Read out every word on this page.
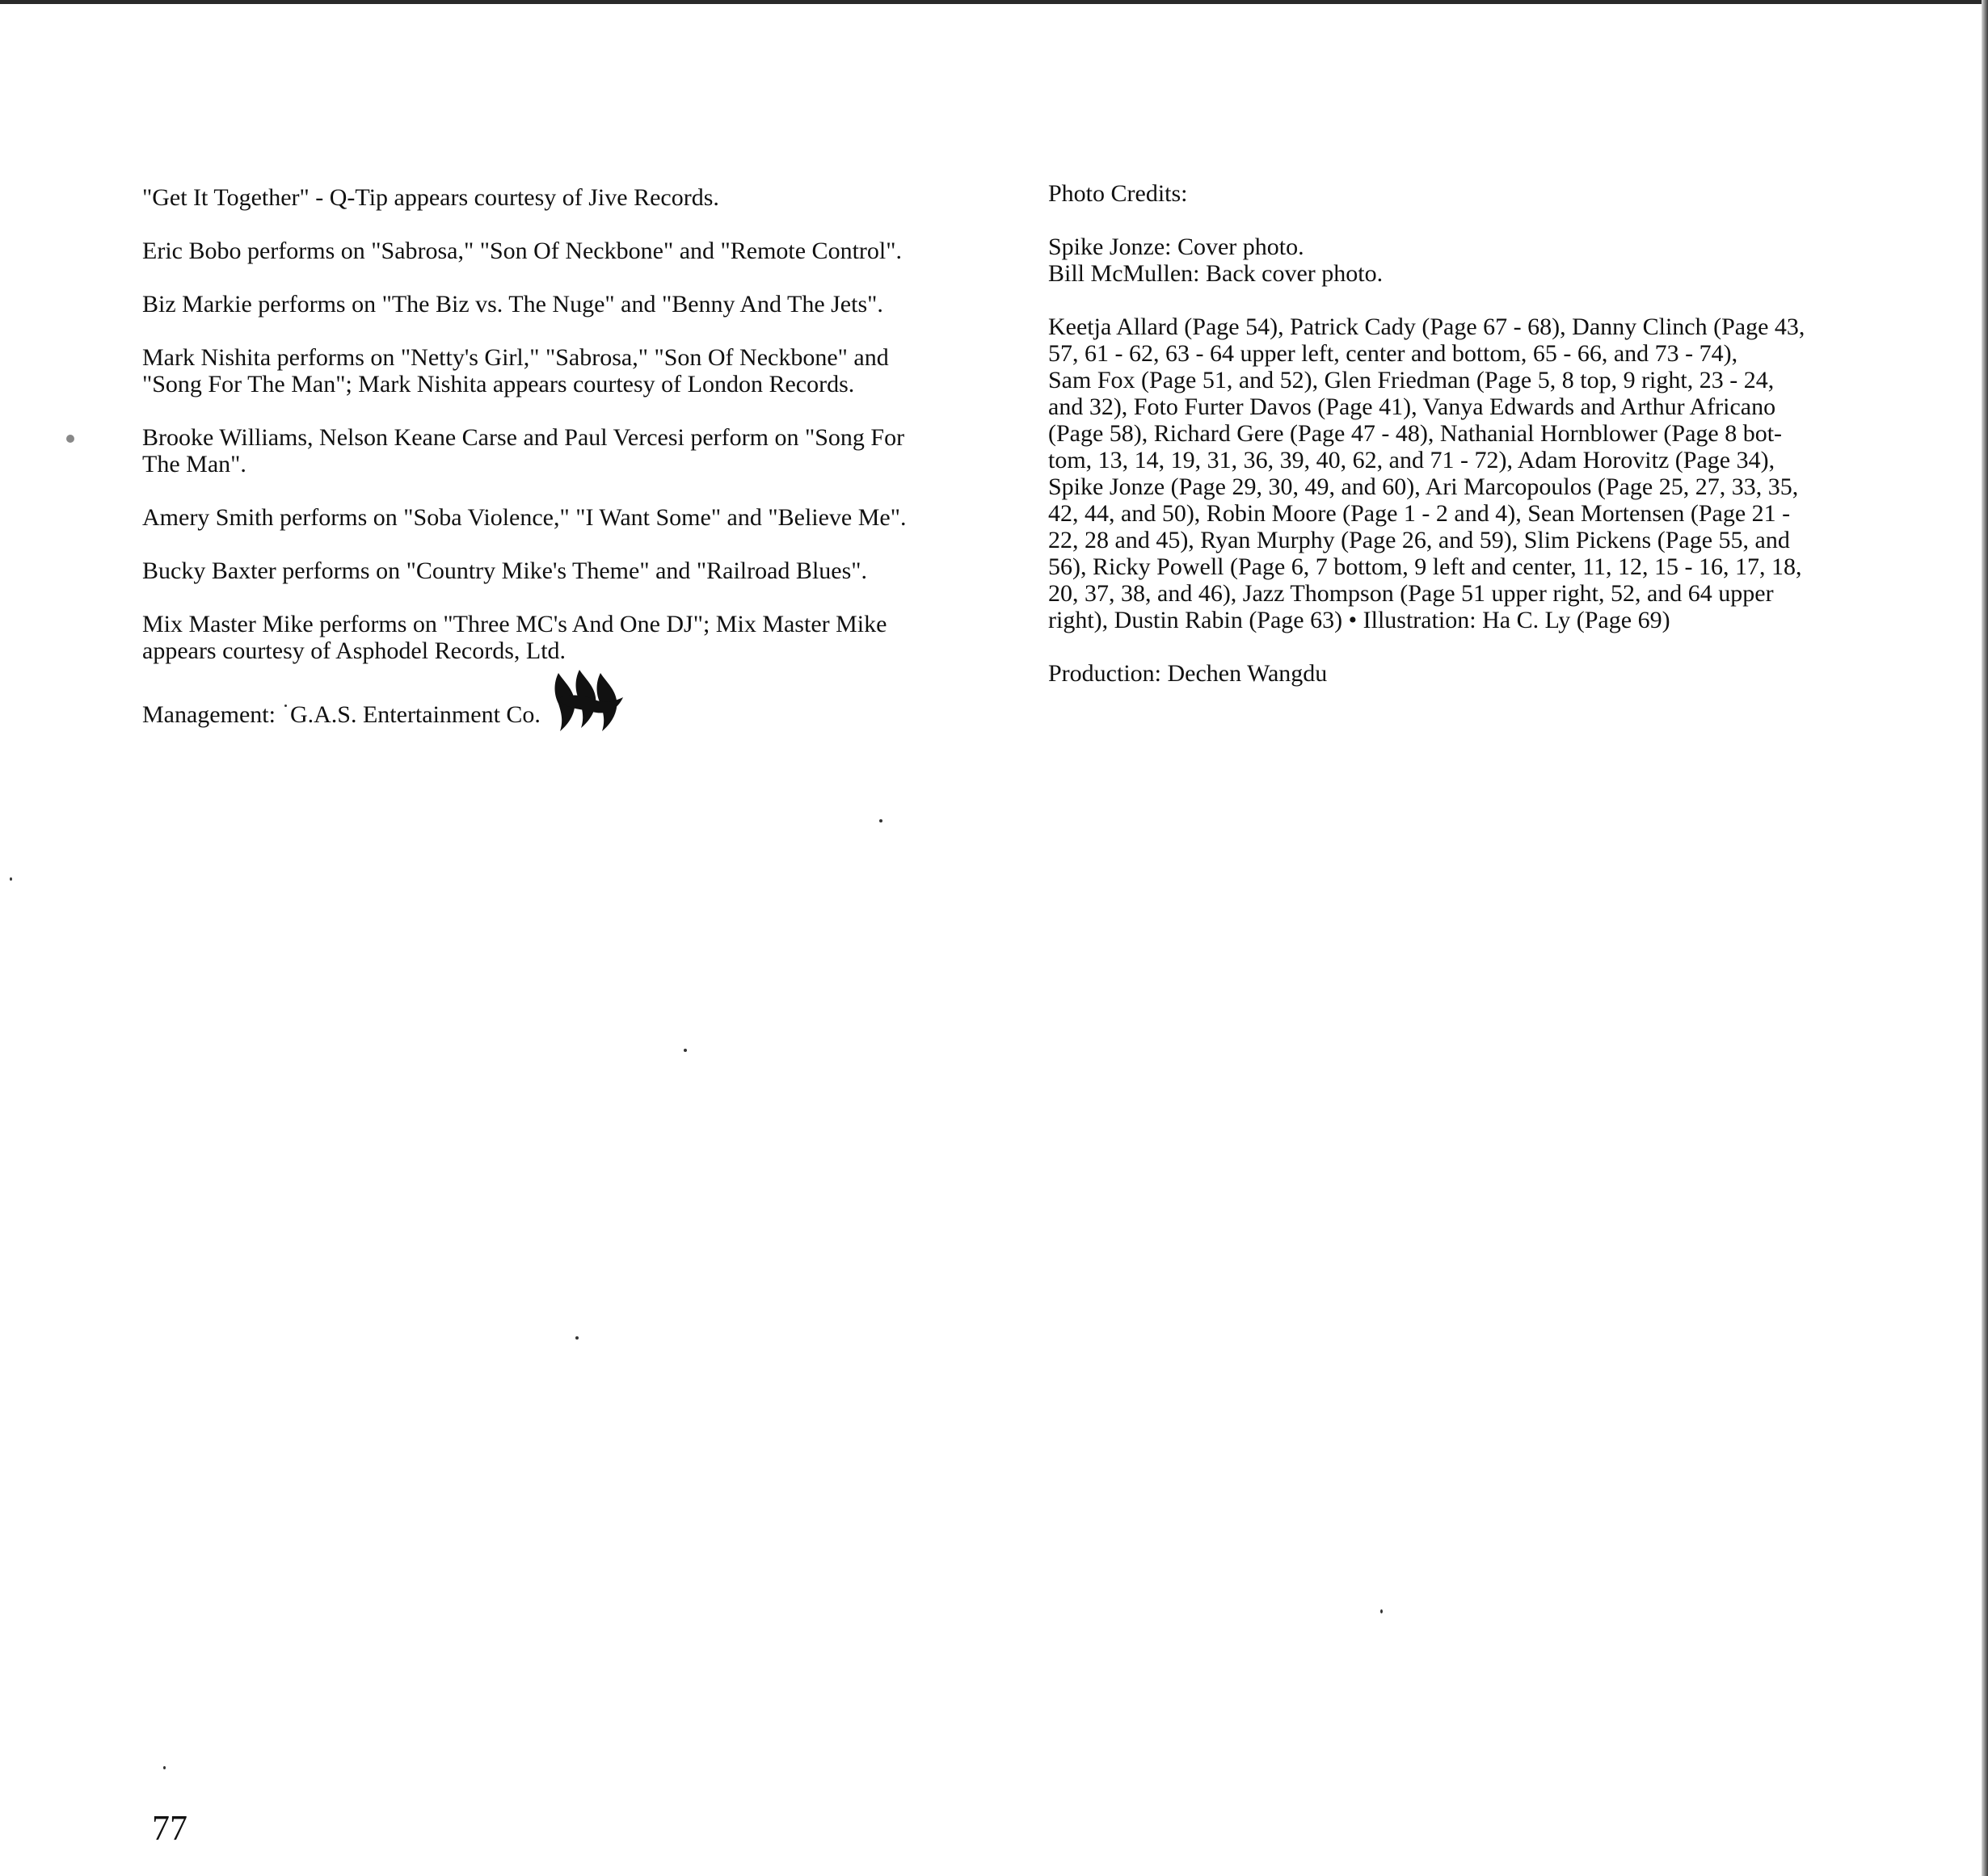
"Get It Together" - Q-Tip appears courtesy of Jive Records.

Eric Bobo performs on "Sabrosa," "Son Of Neckbone" and "Remote Control".

Biz Markie performs on "The Biz vs. The Nuge" and "Benny And The Jets".

Mark Nishita performs on "Netty's Girl," "Sabrosa," "Son Of Neckbone" and
"Song For The Man"; Mark Nishita appears courtesy of London Records.

Brooke Williams, Nelson Keane Carse and Paul Vercesi perform on "Song For
The Man".

Amery Smith performs on "Soba Violence," "I Want Some" and "Believe Me".

Bucky Baxter performs on "Country Mike's Theme" and "Railroad Blues".

Mix Master Mike performs on "Three MC's And One DJ"; Mix Master Mike
appears courtesy of Asphodel Records, Ltd.

Management: G.A.S. Entertainment Co.

Photo Credits:

Spike Jonze: Cover photo.
Bill McMullen: Back cover photo.

Keetja Allard (Page 54), Patrick Cady (Page 67 - 68), Danny Clinch (Page 43,
57, 61 - 62, 63 - 64 upper left, center and bottom, 65 - 66, and 73 - 74),
Sam Fox (Page 51, and 52), Glen Friedman (Page 5, 8 top, 9 right, 23 - 24,
and 32), Foto Furter Davos (Page 41), Vanya Edwards and Arthur Africano
(Page 58), Richard Gere (Page 47 - 48), Nathanial Hornblower (Page 8 bot-
tom, 13, 14, 19, 31, 36, 39, 40, 62, and 71 - 72), Adam Horovitz (Page 34),
Spike Jonze (Page 29, 30, 49, and 60), Ari Marcopoulos (Page 25, 27, 33, 35,
42, 44, and 50), Robin Moore (Page 1 - 2 and 4), Sean Mortensen (Page 21 -
22, 28 and 45), Ryan Murphy (Page 26, and 59), Slim Pickens (Page 55, and
56), Ricky Powell (Page 6, 7 bottom, 9 left and center, 11, 12, 15 - 16, 17, 18,
20, 37, 38, and 46), Jazz Thompson (Page 51 upper right, 52, and 64 upper
right), Dustin Rabin (Page 63) • Illustration: Ha C. Ly (Page 69)

Production: Dechen Wangdu

77
